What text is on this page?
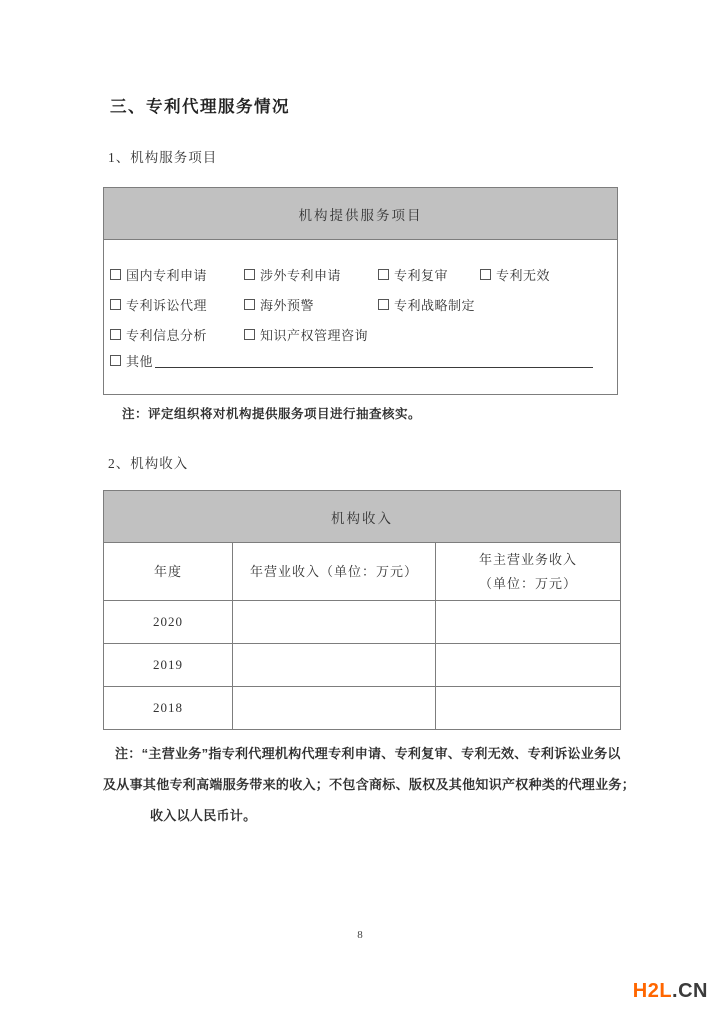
三、专利代理服务情况
1、机构服务项目
机构提供服务项目
国内专利申请	涉外专利申请	专利复审	专利无效
专利诉讼代理	海外预警	专利战略制定
专利信息分析	知识产权管理咨询
其他
注：评定组织将对机构提供服务项目进行抽查核实。
2、机构收入
机构收入		
年度	年营业收入（单位：万元）	年主营业务收入
（单位：万元）

2020		
2019		
2018		
注：“主营业务”指专利代理机构代理专利申请、专利复审、专利无效、专利诉讼业务以
及从事其他专利高端服务带来的收入；不包含商标、版权及其他知识产权种类的代理业务；
收入以人民币计。
8
H2L.CN
